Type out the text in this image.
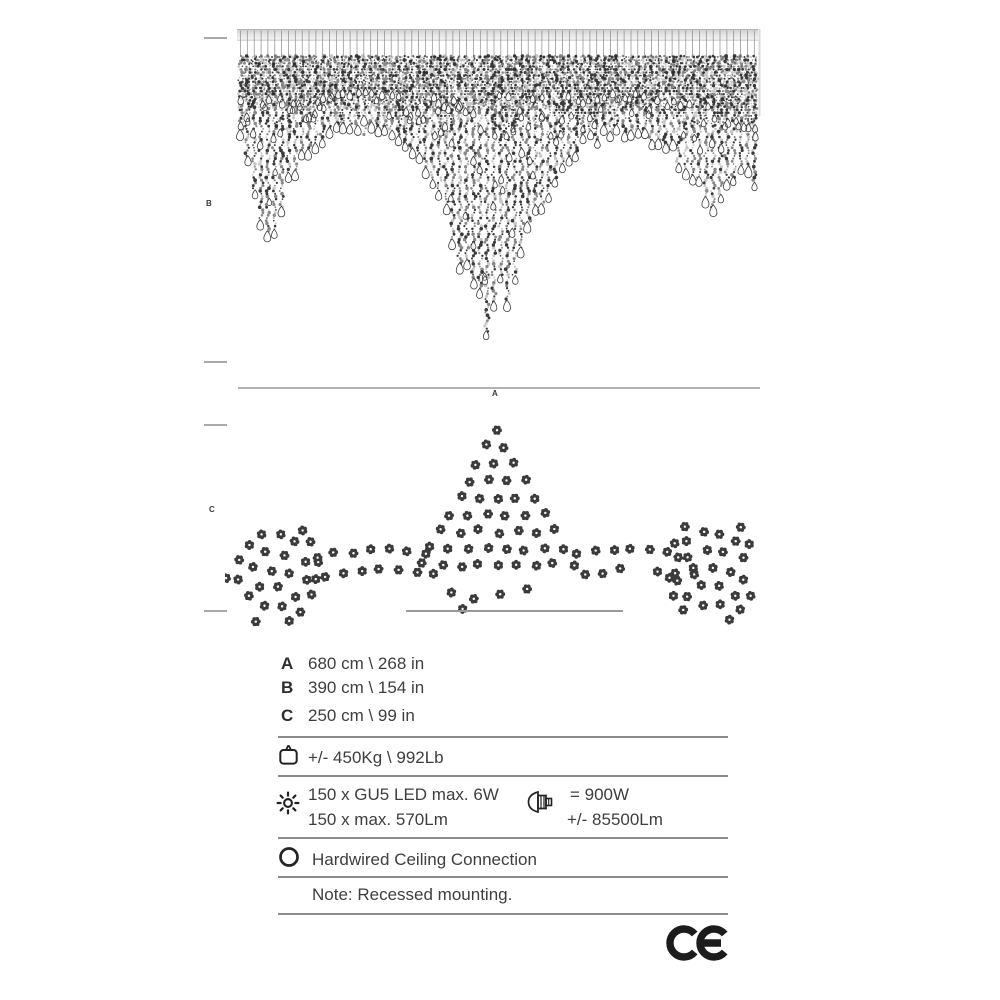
B
C
A
A 680 cm \ 268 in
B 390 cm \ 154 in
C 250 cm \ 99 in
+/- 450Kg \ 992Lb
150 x GU5 LED max. 6W
150 x max. 570Lm
= 900W
+/- 85500Lm
Hardwired Ceiling Connection
Note: Recessed mounting.
